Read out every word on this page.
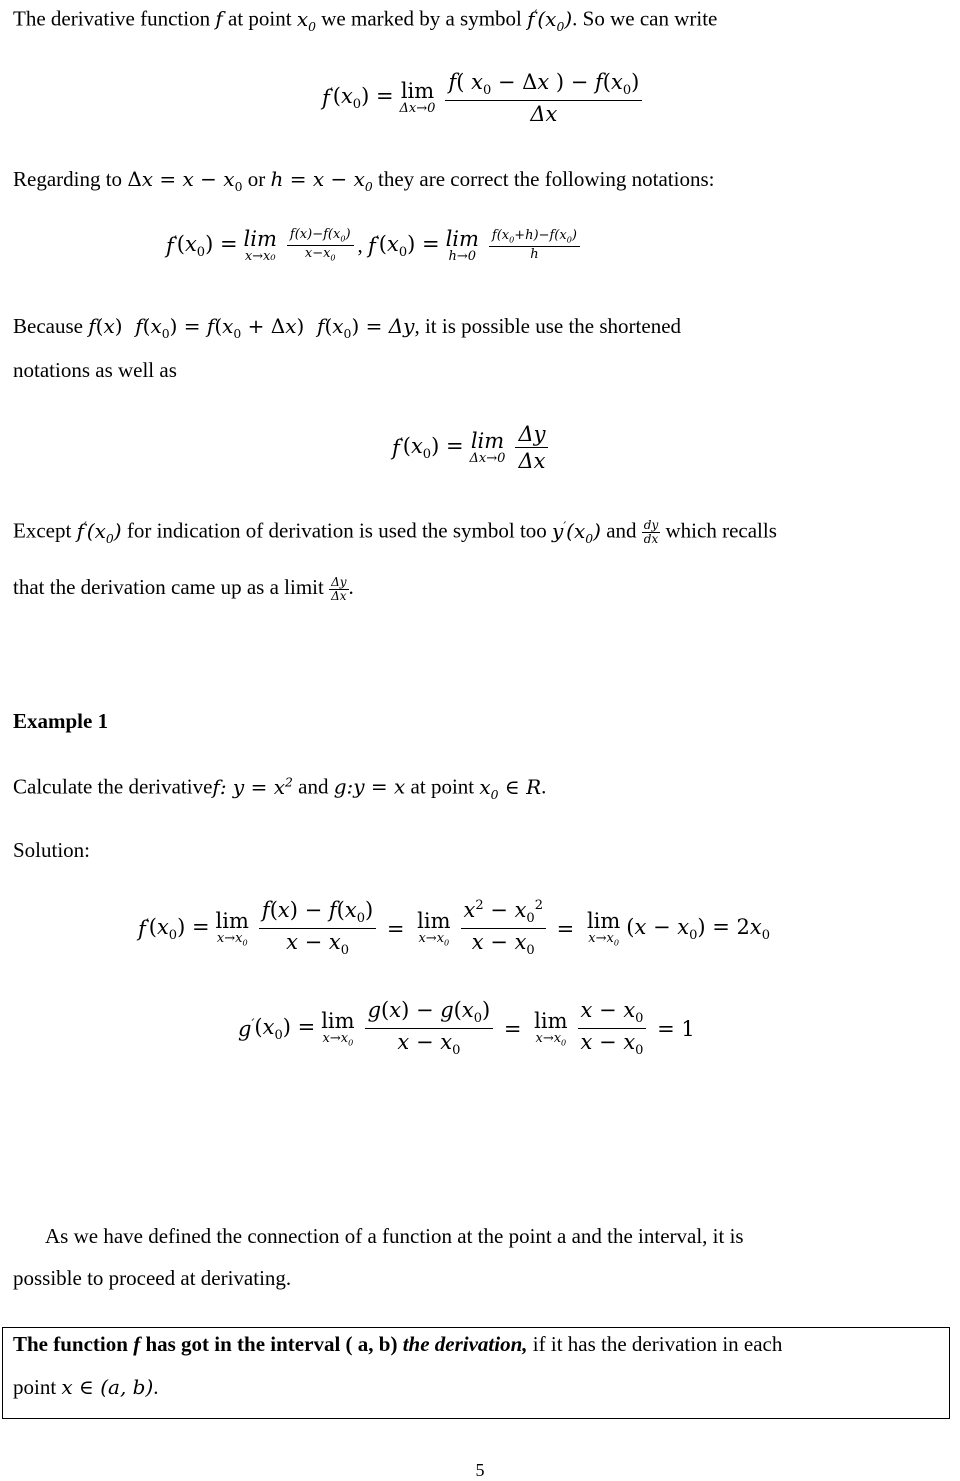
The derivative function f at point $x_0$ we marked by a symbol $f'(x_0)$. So we can write
f′ $(x_0) = \lim$
$\Delta x\to 0 \frac{f( x_0 - \Delta x ) - f(x_0)}{\Delta x}$
Regarding to $\Delta x = x - x_0$ or $h = x - x_0$ they are correct the following notations:
f′ $(x_0) = \lim$
$x\to x_0 \frac{f(x)-f(x_0)}{x-x_0}$ , f′ $(x_0) = \lim$
$h\to 0 \frac{f(x_0+h)-f(x_0)}{h}$
Because f(x)  $f(x_0) = f(x_0 + \Delta x) f(x_0) = \Delta y$, it is possible use the shortened
notations as well as
f′ $(x_0) = \lim$
$\Delta x\to 0 \frac{\Delta y}{\Delta x}$
Except $f'(x_0)$ for indication of derivation is used the symbol too $y'(x_0)$ and $\frac{dy}{dx}$ which recalls
that the derivation came up as a limit $\frac{\Delta y}{\Delta x}$ .
Example 1
Calculate the derivativef: $y = x^2$ and g:y = x at point $x_0$ ∈ R.
Solution:
f′ $(x_0) = \lim$
$x\to x_0 \frac{f(x) - f(x_0)}{x - x_0} = \lim$
$x\to x_0 \frac{x^2 - x_0^2}{x - x_0} = \lim$
$x\to x_0$
$(x - x_0) = 2x_0$
g′ $(x_0) = \lim$
$x\to x_0 \frac{g(x) - g(x_0)}{x - x_0} = \lim$
$x\to x_0 \frac{x - x_0}{x - x_0} = 1$
As we have defined the connection of a function at the point a and the interval, it is
possible to proceed at derivating.
The function f has got in the interval ( a, b) the derivation, if it has the derivation in each
point x ∈ (a, b).
5
